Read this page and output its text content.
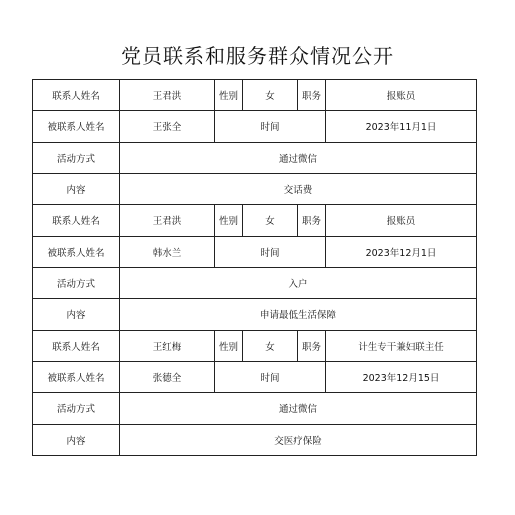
党员联系和服务群众情况公开
联系人姓名	王君洪	性别	女	职务	报账员
被联系人姓名	王张全	时间			2023年11月1日
活动方式	通过微信				
内容	交话费				
联系人姓名	王君洪	性别	女	职务	报账员
被联系人姓名	韩水兰	时间			2023年12月1日
活动方式	入户				
内容	申请最低生活保障				
联系人姓名	王红梅	性别	女	职务	计生专干兼妇联主任
被联系人姓名	张德全	时间			2023年12月15日
活动方式	通过微信				
内容	交医疗保险				
